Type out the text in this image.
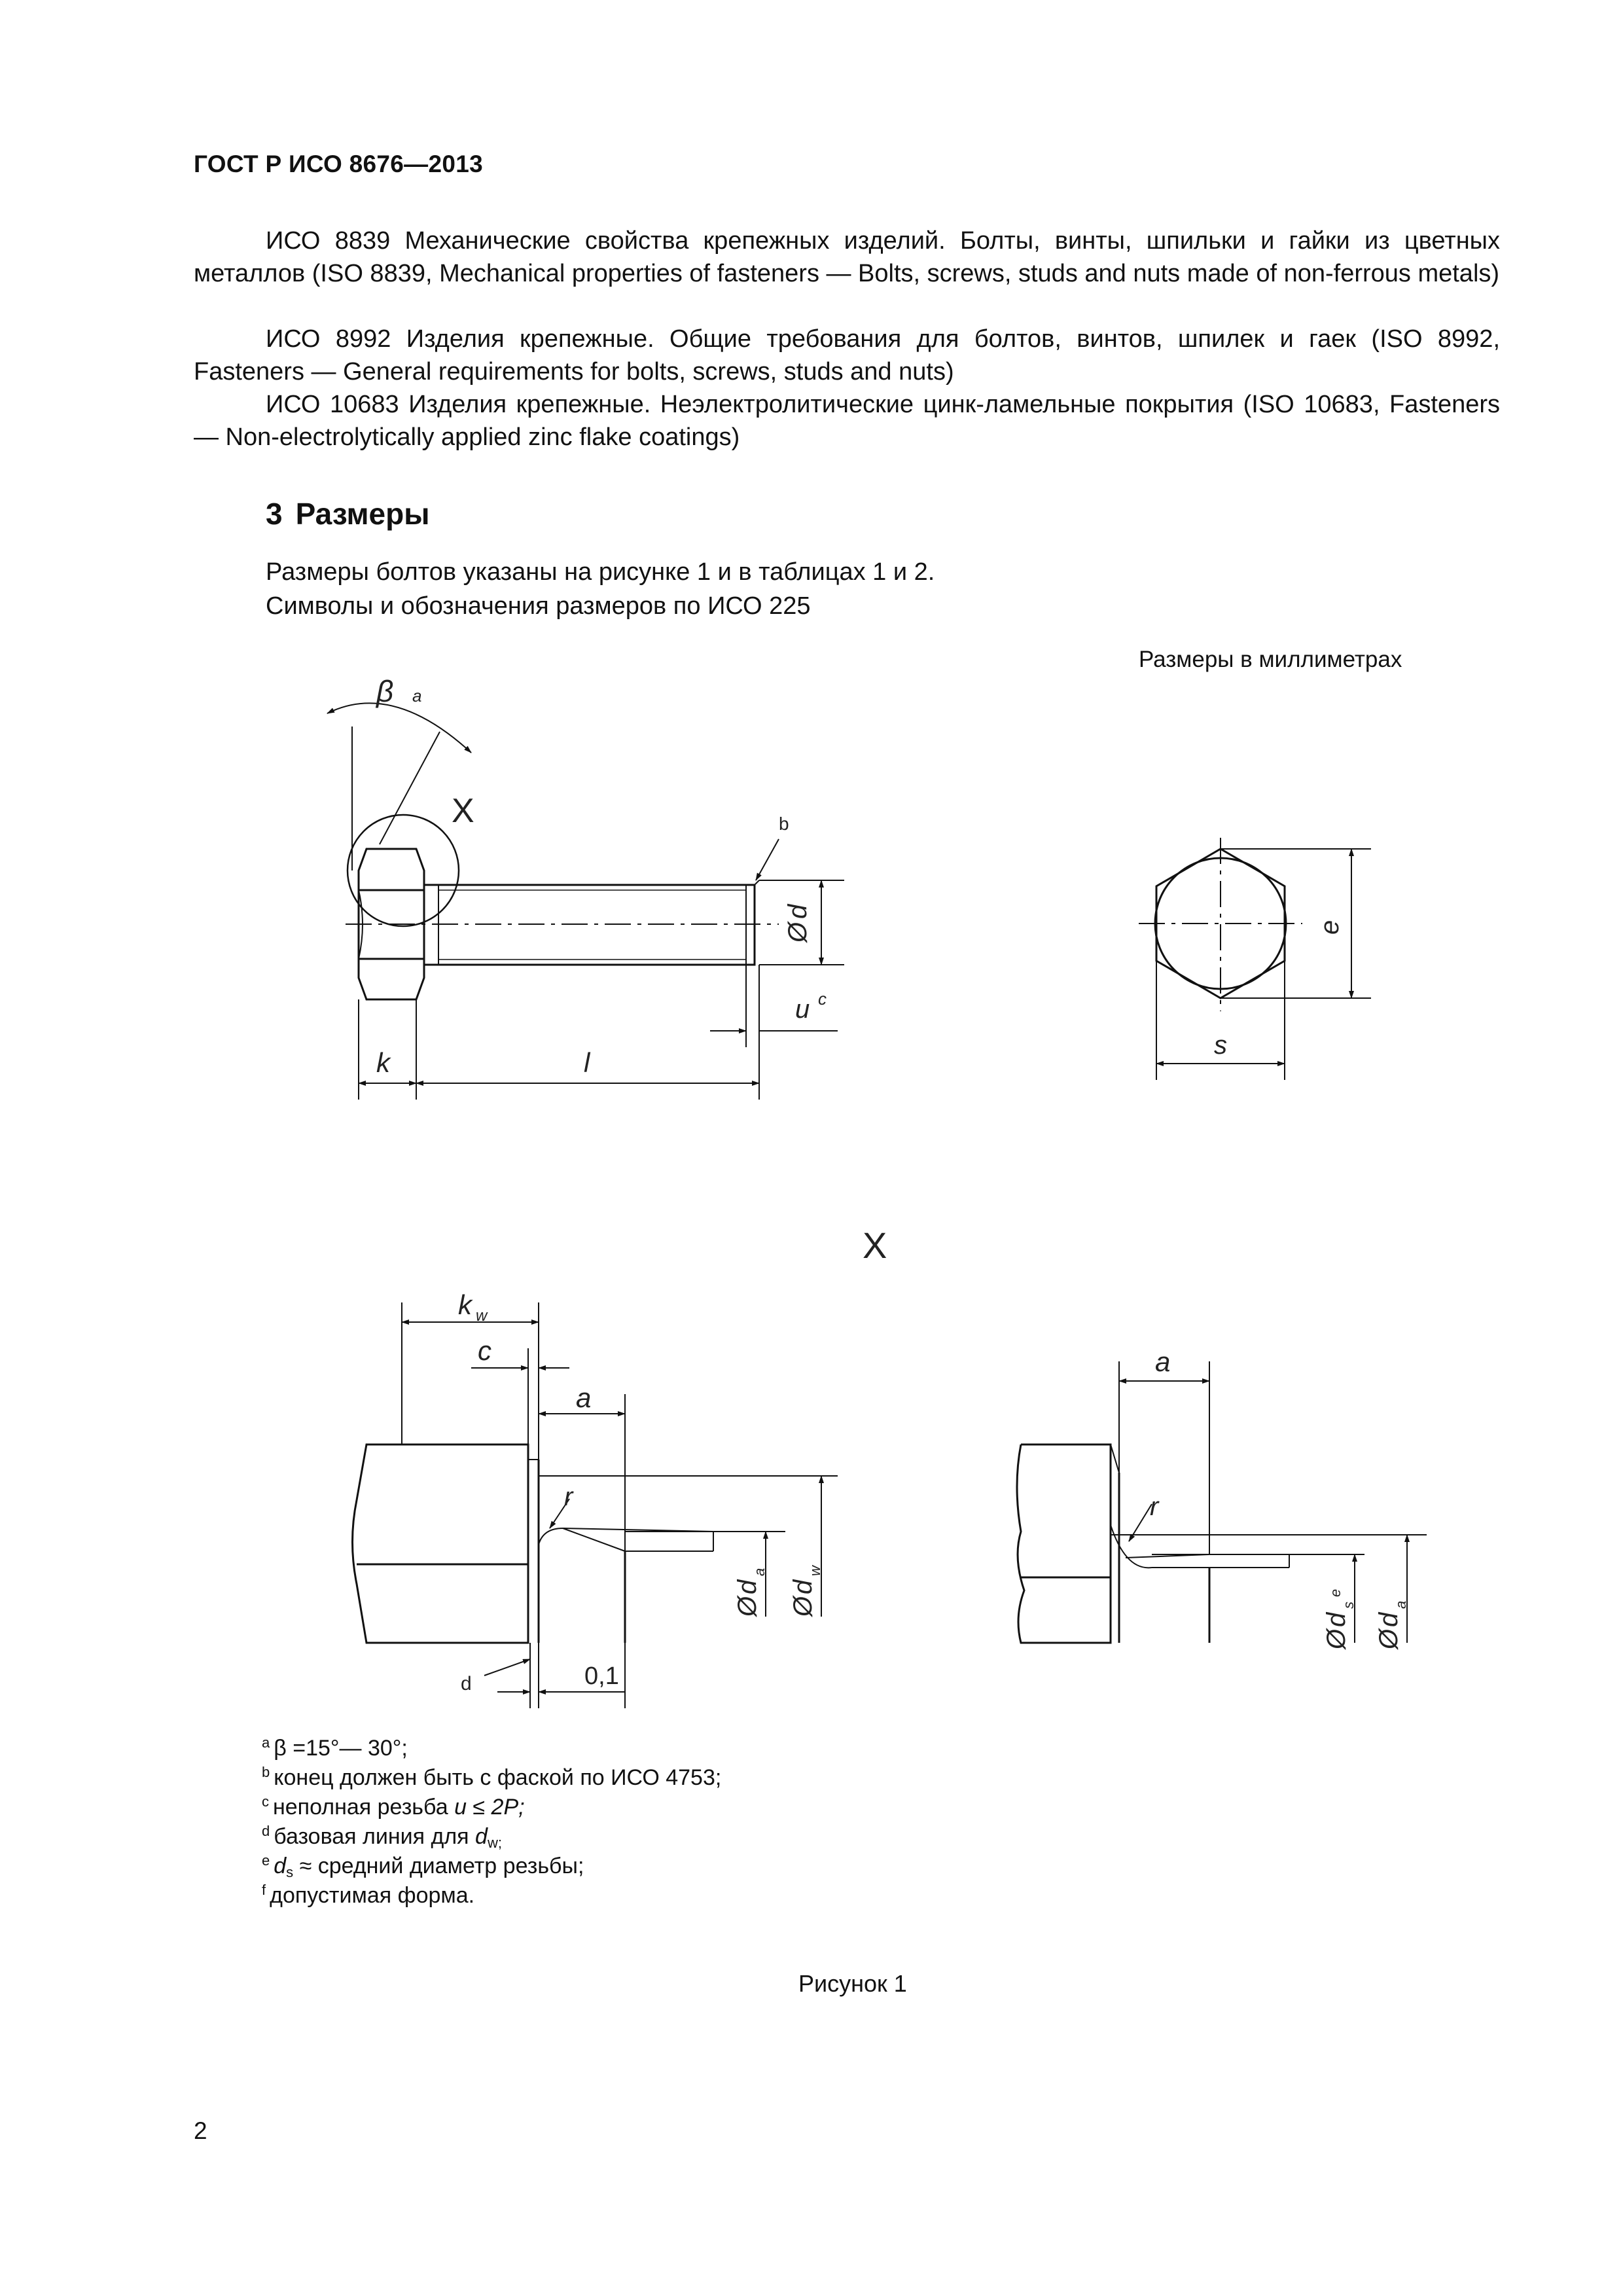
ГОСТ Р ИСО 8676—2013
ИСО 8839 Механические свойства крепежных изделий. Болты, винты, шпильки и гайки из цветных металлов (ISO 8839, Mechanical properties of fasteners — Bolts, screws, studs and nuts made of non-ferrous metals)
ИСО 8992 Изделия крепежные. Общие требования для болтов, винтов, шпилек и гаек (ISO 8992, Fasteners — General requirements for bolts, screws, studs and nuts)
ИСО 10683 Изделия крепежные. Неэлектролитические цинк-ламельные покрытия (ISO 10683, Fasteners — Non-electrolytically applied zinc flake coatings)
3 Размеры
Размеры болтов указаны на рисунке 1 и в таблицах 1 и 2.
Символы и обозначения размеров по ИСО 225
Размеры в миллиметрах
β a
X	b
Ø
d
u c
k	l
e
s
X
k w
c
a
r
Ø
d
a
Ø
d
w
d	0,1
a
r
Ø
d
s
e
Ø
d
a
$^a$ β =15°— 30°;
$^b$ конец должен быть с фаской по ИСО 4753;
$^c$ неполная резьба u ≤ 2P;
$^d$ базовая линия для $d_{w;}$
$^e$ $d_s$ ≈ средний диаметр резьбы;
$^f$ допустимая форма.
Рисунок 1
2
